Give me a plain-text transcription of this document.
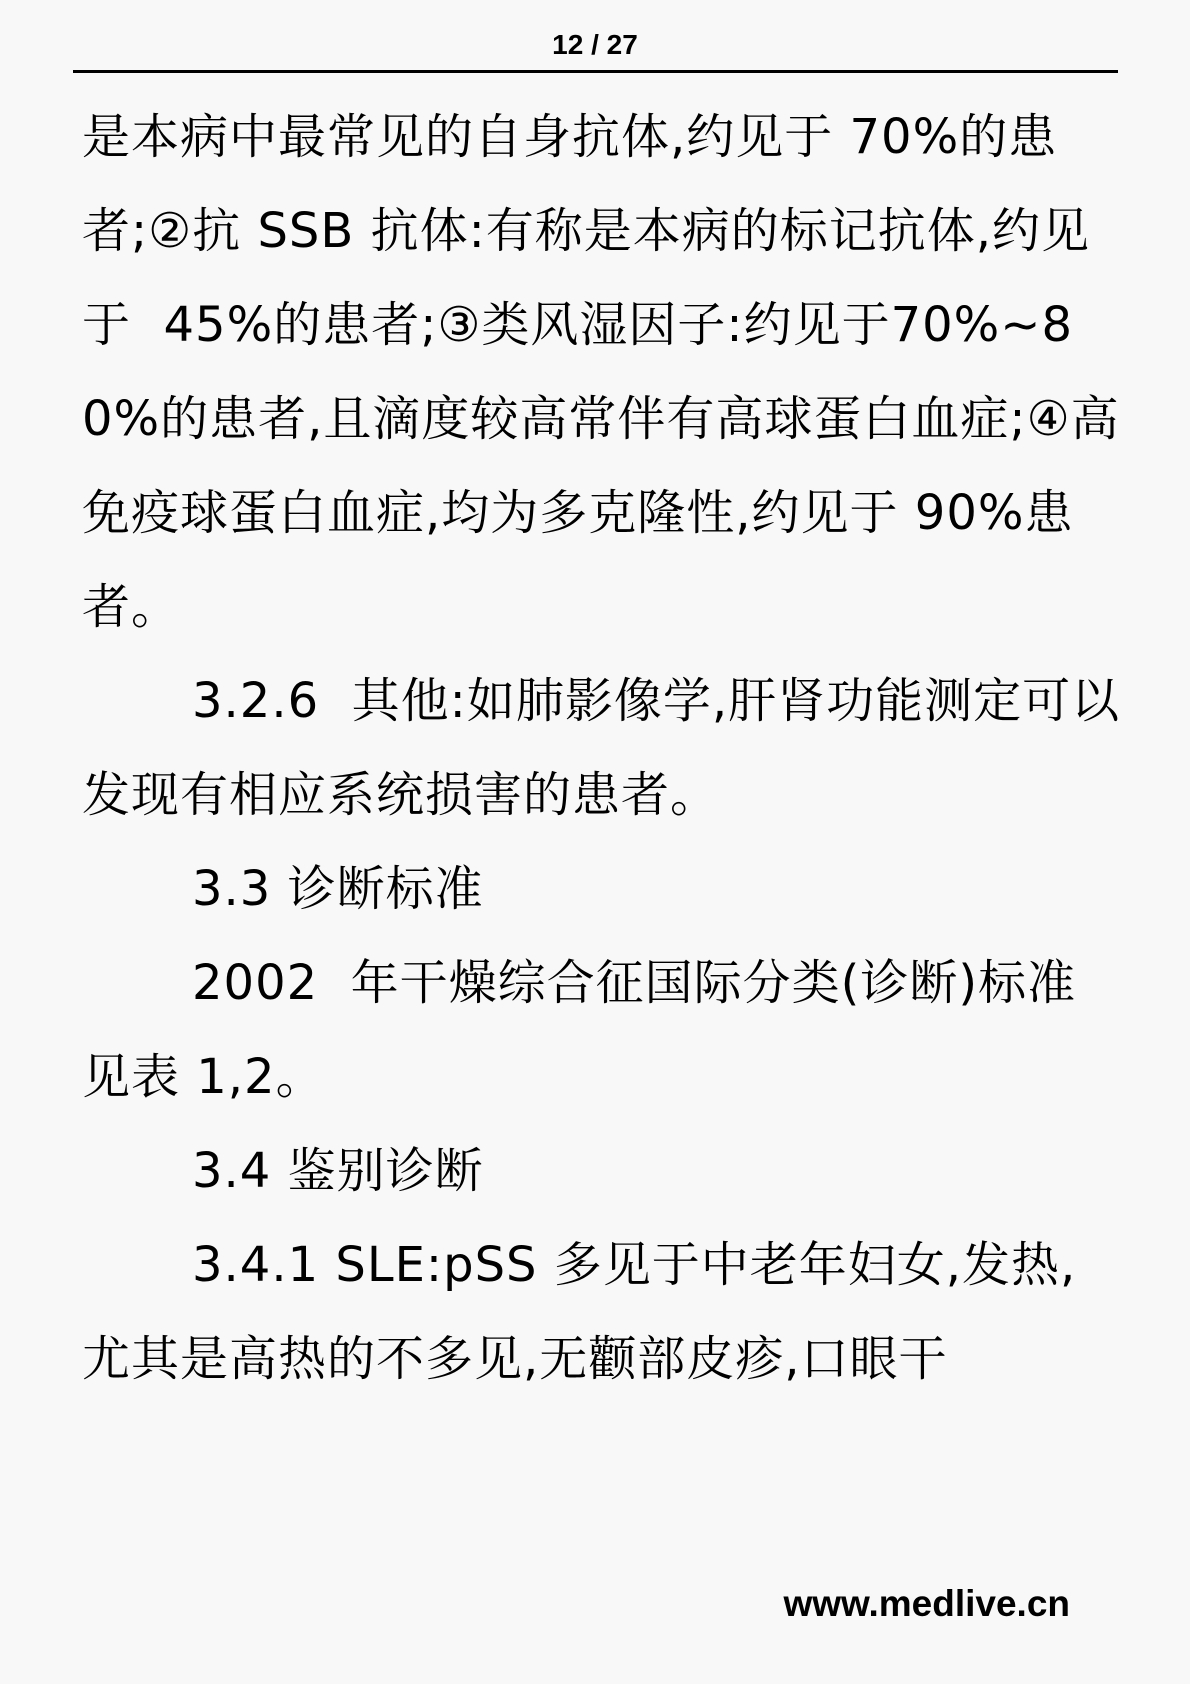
12 / 27

是本病中最常见的自身抗体,约见于 70%的患者;②抗 SSB 抗体:有称是本病的标记抗体,约见于  45%的患者;③类风湿因子:约见于70%~80%的患者,且滴度较高常伴有高球蛋白血症;④高免疫球蛋白血症,均为多克隆性,约见于 90%患者。

3.2.6  其他:如肺影像学,肝肾功能测定可以发现有相应系统损害的患者。

3.3 诊断标准

2002  年干燥综合征国际分类(诊断)标准见表 1,2。

3.4 鉴别诊断

3.4.1 SLE:pSS 多见于中老年妇女,发热,尤其是高热的不多见,无颧部皮疹,口眼干

www.medlive.cn
